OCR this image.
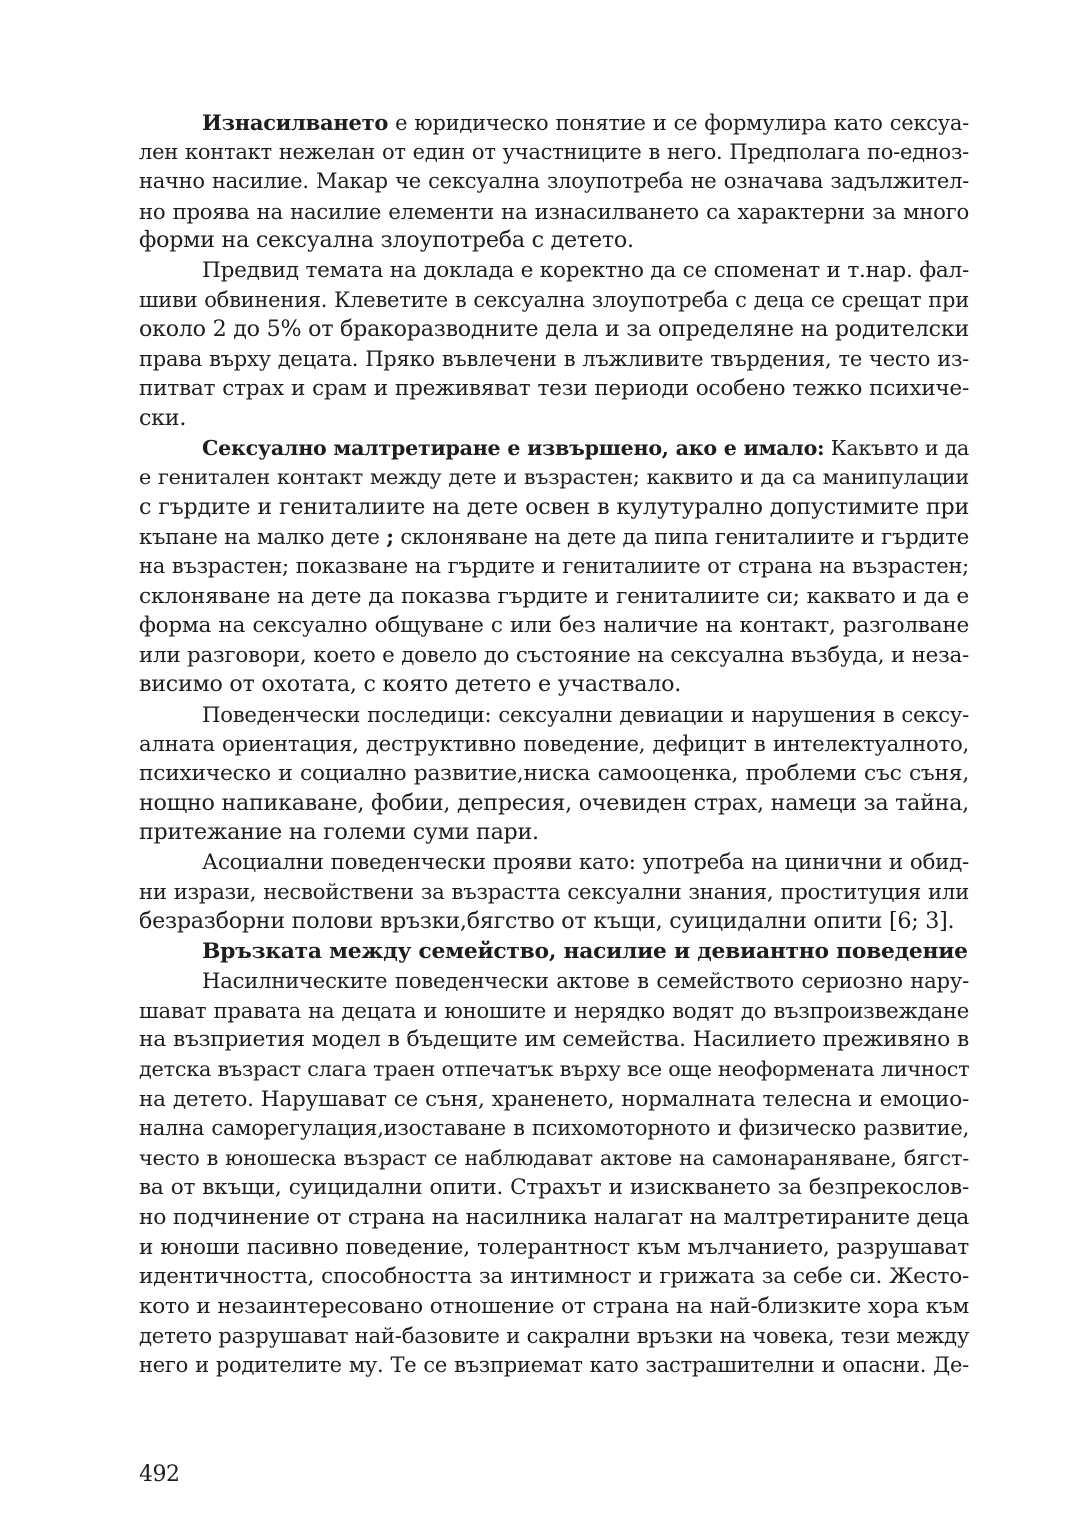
Изнасилването е юридическо понятие и се формулира като сексуа-
лен контакт нежелан от един от участниците в него. Предполага по-еднoз-
начно насилие. Макар че сексуална злоупотреба не означава задължител-
но проява на насилие елементи на изнасилването са характерни за много
форми на сексуална злоупотреба с детето.
Предвид темата на доклада е коректно да се споменат и т.нар. фал-
шиви обвинения. Клеветите в сексуална злоупотреба с деца се срещат при
около 2 до 5% от бракоразводните дела и за определяне на родителски
права върху децата. Пряко въвлечени в лъжливите твърдения, те често из-
питват страх и срам и преживяват тези периоди особено тежко психиче-
ски.
Сексуално малтретиране е извършено, ако е имало: Какъвто и да
е генитален контакт между дете и възрастен; каквито и да са манипулации
с гърдите и гениталиите на дете освен в кулутурално допустимите при
къпане на малко дете ; склоняване на дете да пипа гениталиите и гърдите
на възрастен; показване на гърдите и гениталиите от страна на възрастен;
склоняване на дете да показва гърдите и гениталиите си; каквато и да е
форма на сексуално общуване с или без наличие на контакт, разголване
или разговори, което е довело до състояние на сексуална възбуда, и неза-
висимо от охотата, с която детето е участвало.
Поведенчески последици: сексуални девиации и нарушения в сексу-
алната ориентация, деструктивно поведение, дефицит в интелектуалното,
психическо и социално развитие,ниска самооценка, проблеми със съня,
нощно напикаване, фобии, депресия, очевиден страх, намеци за тайна,
притежание на големи суми пари.
Асоциални поведенчески прояви като: употреба на цинични и обид-
ни изрази, несвойствени за възрастта сексуални знания, проституция или
безразборни полови връзки,бягство от къщи, суицидални опити [6; 3].
Връзката между семейство, насилие и девиантно поведение
Насилническите поведенчески актове в семейството сериозно нару-
шават правата на децата и юношите и нерядко водят до възпроизвеждане
на възприетия модел в бъдещите им семейства. Насилието преживяно в
детска възраст слага траен отпечатък върху все още неоформената личност
на детето. Нарушават се съня, храненето, нормалната телесна и емоцио-
нална саморегулация,изоставане в психомоторното и физическо развитие,
често в юношеска възраст се наблюдават актове на самонараняване, бягст-
ва от вкъщи, суицидални опити. Страхът и изискването за безпрекослов-
но подчинение от страна на насилника налагат на малтретираните деца
и юноши пасивно поведение, толерантност към мълчанието, разрушават
идентичността, способността за интимност и грижата за себе си. Жесто-
кото и незаинтересовано отношение от страна на най-близките хора към
детето разрушават най-базовите и сакрални връзки на човека, тези между
него и родителите му. Те се възприемат като застрашителни и опасни. Де-
492
